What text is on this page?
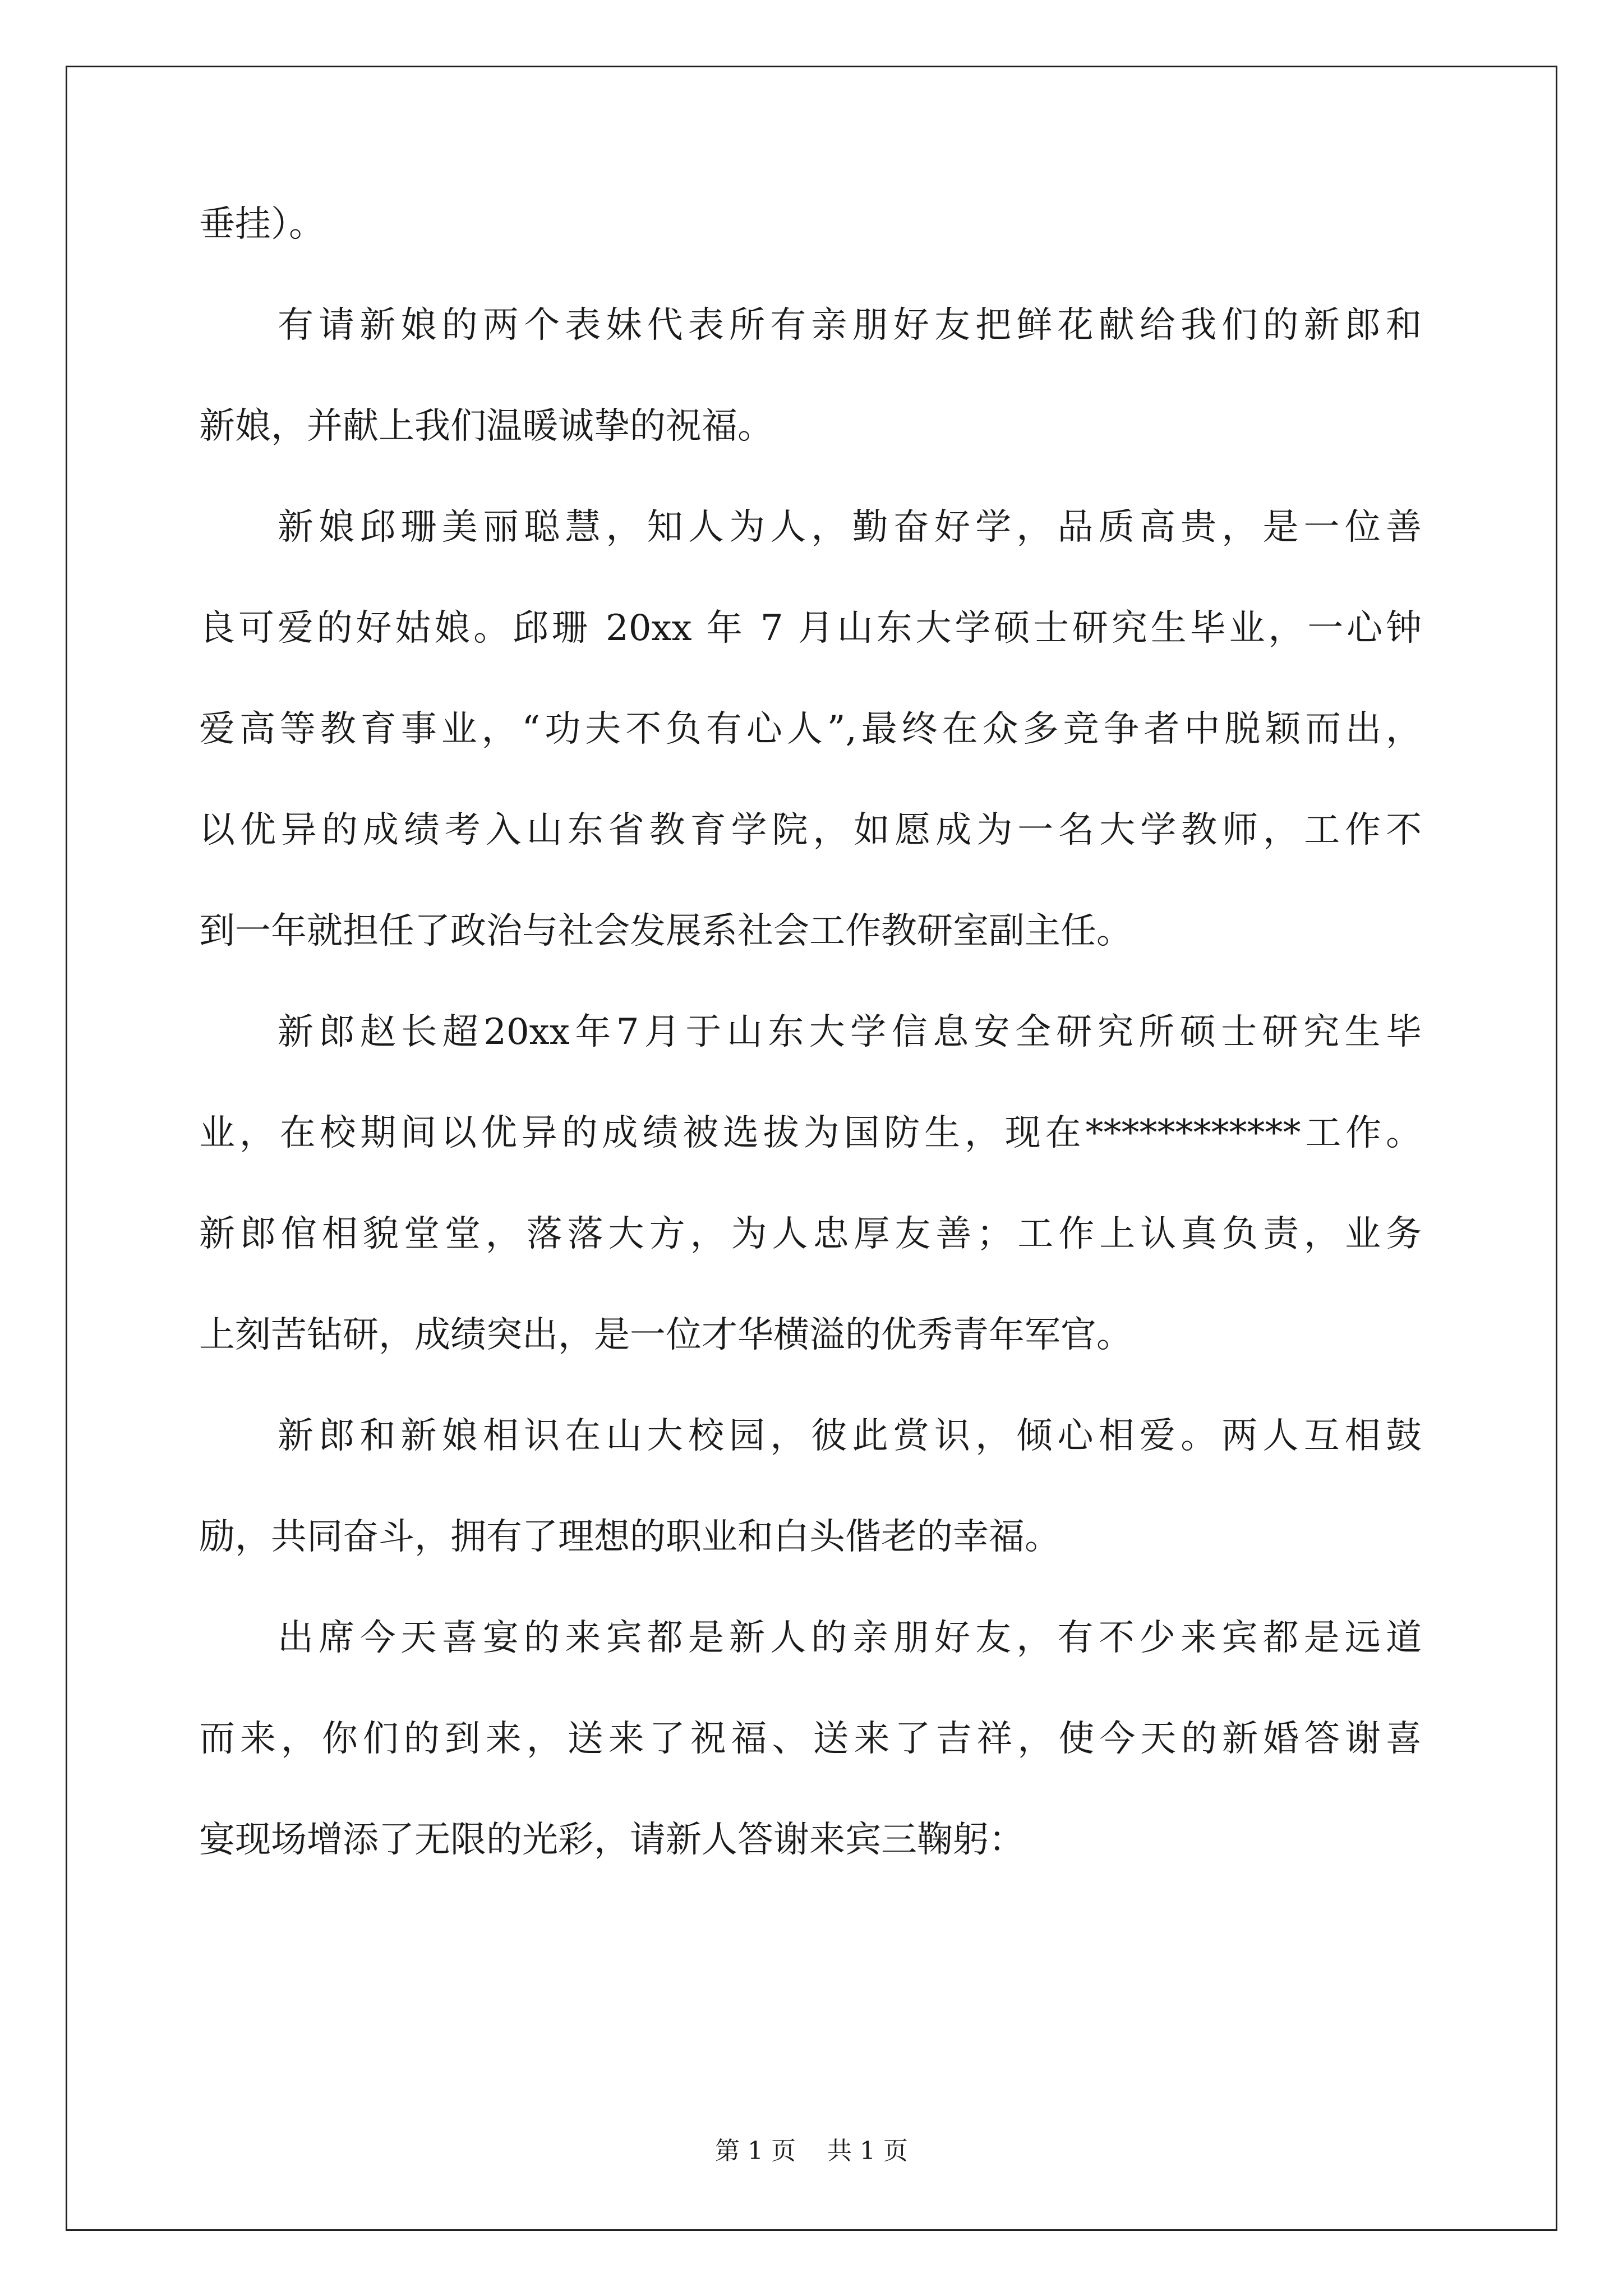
垂挂）。
有请新娘的两个表妹代表所有亲朋好友把鲜花献给我们的新郎和
新娘，并献上我们温暖诚挚的祝福。
新娘邱珊美丽聪慧，知人为人，勤奋好学，品质高贵，是一位善
良可爱的好姑娘。邱珊 20xx 年 7 月山东大学硕士研究生毕业，一心钟
爱高等教育事业，“功夫不负有心人”,最终在众多竞争者中脱颖而出，
以优异的成绩考入山东省教育学院，如愿成为一名大学教师，工作不
到一年就担任了政治与社会发展系社会工作教研室副主任。
新郎赵长超20xx年7月于山东大学信息安全研究所硕士研究生毕
业，在校期间以优异的成绩被选拔为国防生，现在************工作。
新郎倌相貌堂堂，落落大方，为人忠厚友善；工作上认真负责，业务
上刻苦钻研，成绩突出，是一位才华横溢的优秀青年军官。
新郎和新娘相识在山大校园，彼此赏识，倾心相爱。两人互相鼓
励，共同奋斗，拥有了理想的职业和白头偕老的幸福。
出席今天喜宴的来宾都是新人的亲朋好友，有不少来宾都是远道
而来，你们的到来，送来了祝福、送来了吉祥，使今天的新婚答谢喜
宴现场增添了无限的光彩，请新人答谢来宾三鞠躬：
第 1 页    共 1 页
